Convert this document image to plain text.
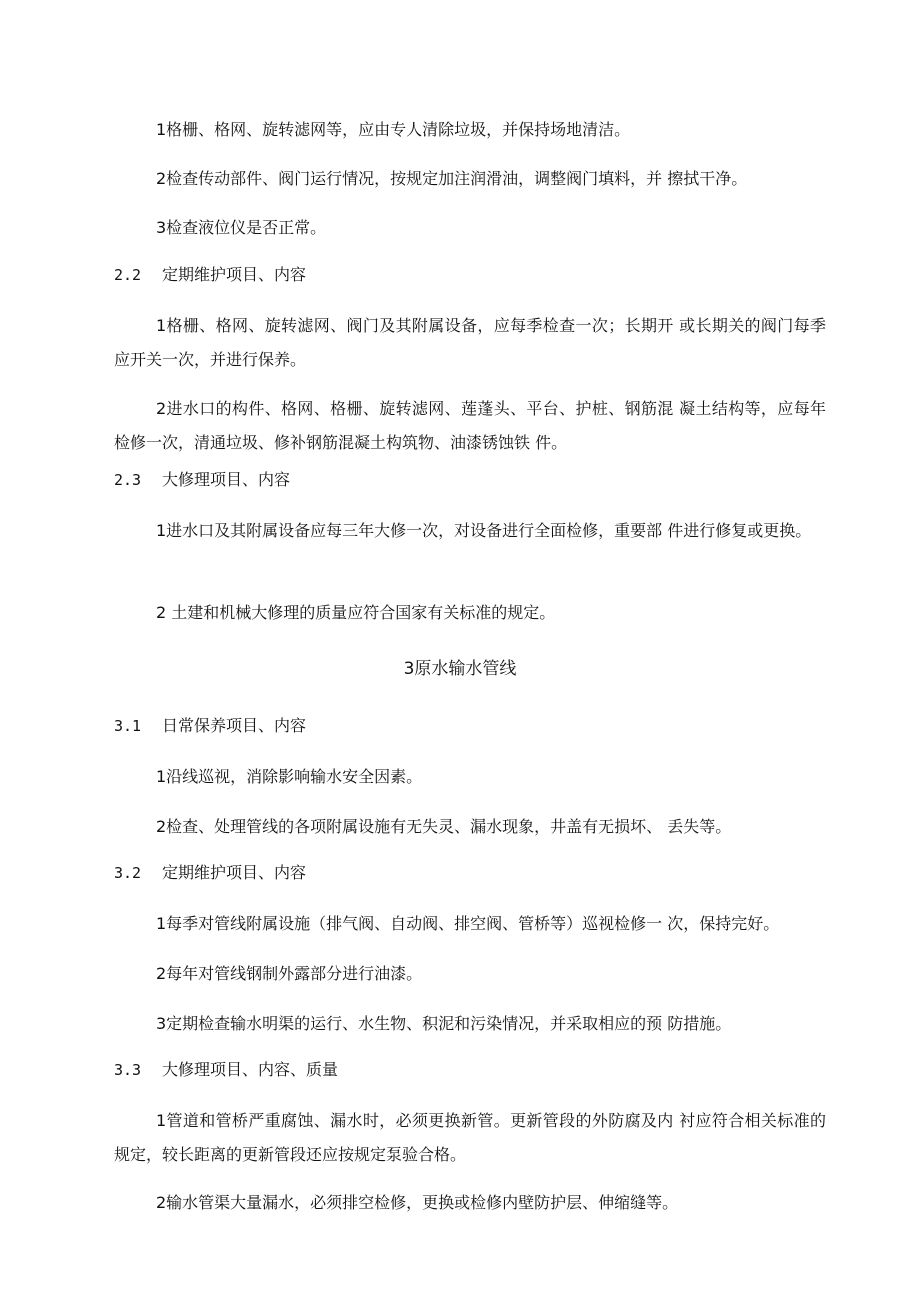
1格栅、格网、旋转滤网等，应由专人清除垃圾，并保持场地清洁。
2检查传动部件、阀门运行情况，按规定加注润滑油，调整阀门填料，并 擦拭干净。
3检查液位仪是否正常。
2.2 定期维护项目、内容
1格栅、格网、旋转滤网、阀门及其附属设备，应每季检查一次；长期开 或长期关的阀门每季应开关一次，并进行保养。
2进水口的构件、格网、格栅、旋转滤网、莲蓬头、平台、护桩、钢筋混 凝土结构等，应每年检修一次，清通垃圾、修补钢筋混凝土构筑物、油漆锈蚀铁 件。
2.3 大修理项目、内容
1进水口及其附属设备应每三年大修一次，对设备进行全面检修，重要部 件进行修复或更换。
2 土建和机械大修理的质量应符合国家有关标准的规定。
3原水输水管线
3.1 日常保养项目、内容
1沿线巡视，消除影响输水安全因素。
2检查、处理管线的各项附属设施有无失灵、漏水现象，井盖有无损坏、 丢失等。
3.2 定期维护项目、内容
1每季对管线附属设施（排气阀、自动阀、排空阀、管桥等）巡视检修一 次，保持完好。
2每年对管线钢制外露部分进行油漆。
3定期检查输水明渠的运行、水生物、积泥和污染情况，并采取相应的预 防措施。
3.3 大修理项目、内容、质量
1管道和管桥严重腐蚀、漏水时，必须更换新管。更新管段的外防腐及内 衬应符合相关标准的规定，较长距离的更新管段还应按规定泵验合格。
2输水管渠大量漏水，必须排空检修，更换或检修内壁防护层、伸缩缝等。
